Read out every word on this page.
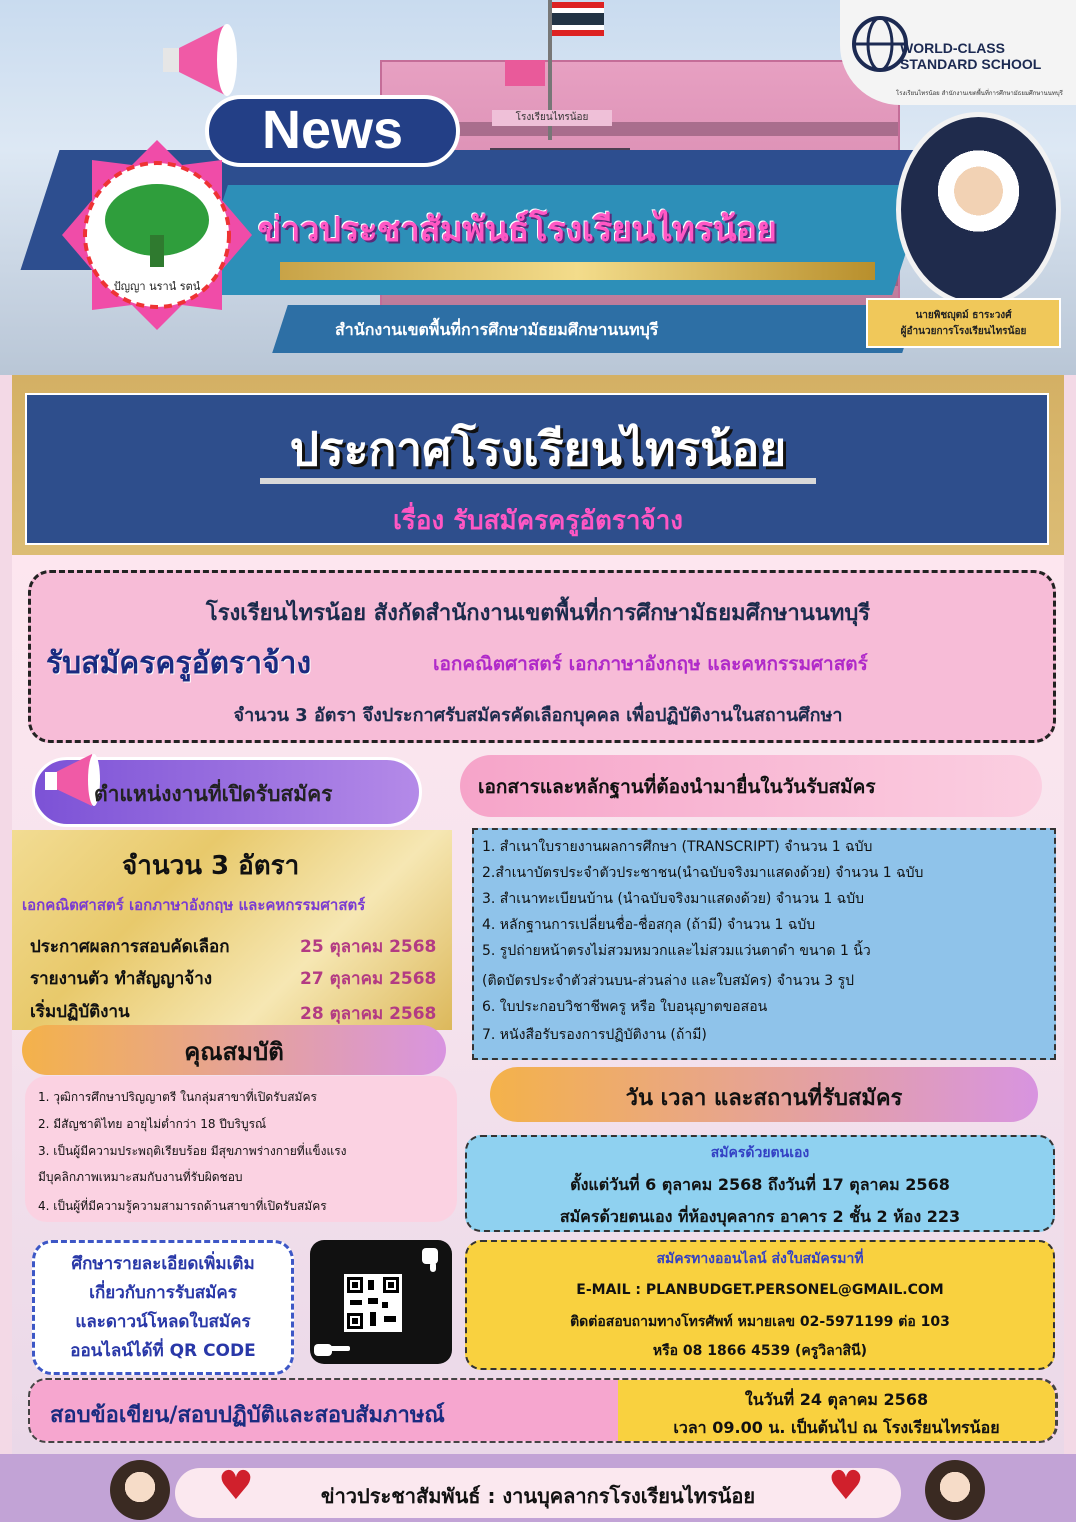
โรงเรียนไทรน้อย
News
ข่าวประชาสัมพันธ์โรงเรียนไทรน้อย
สำนักงานเขตพื้นที่การศึกษามัธยมศึกษานนทบุรี
ปัญญา นรานํ รตนํ
นายพิชญุตม์ ธาระวงศ์
ผู้อำนวยการโรงเรียนไทรน้อย
WORLD-CLASS
STANDARD SCHOOL
โรงเรียนไทรน้อย สำนักงานเขตพื้นที่การศึกษามัธยมศึกษานนทบุรี
ประกาศโรงเรียนไทรน้อย
เรื่อง รับสมัครครูอัตราจ้าง
โรงเรียนไทรน้อย สังกัดสำนักงานเขตพื้นที่การศึกษามัธยมศึกษานนทบุรี
รับสมัครครูอัตราจ้าง	เอกคณิตศาสตร์ เอกภาษาอังกฤษ และคหกรรมศาสตร์
จำนวน 3 อัตรา จึงประกาศรับสมัครคัดเลือกบุคคล เพื่อปฏิบัติงานในสถานศึกษา
ตำแหน่งงานที่เปิดรับสมัคร
จำนวน 3 อัตรา
เอกคณิตศาสตร์ เอกภาษาอังกฤษ และคหกรรมศาสตร์
ประกาศผลการสอบคัดเลือก	25 ตุลาคม 2568
รายงานตัว ทำสัญญาจ้าง	27 ตุลาคม 2568
เริ่มปฏิบัติงาน	28 ตุลาคม 2568
คุณสมบัติ
1. วุฒิการศึกษาปริญญาตรี ในกลุ่มสาขาที่เปิดรับสมัคร
2. มีสัญชาติไทย อายุไม่ต่ำกว่า 18 ปีบริบูรณ์
3. เป็นผู้มีความประพฤติเรียบร้อย มีสุขภาพร่างกายที่แข็งแรง
มีบุคลิกภาพเหมาะสมกับงานที่รับผิดชอบ
4. เป็นผู้ที่มีความรู้ความสามารถด้านสาขาที่เปิดรับสมัคร
เอกสารและหลักฐานที่ต้องนำมายื่นในวันรับสมัคร
1. สำเนาใบรายงานผลการศึกษา (TRANSCRIPT) จำนวน 1 ฉบับ
2.สำเนาบัตรประจำตัวประชาชน(นำฉบับจริงมาแสดงด้วย) จำนวน 1 ฉบับ
3. สำเนาทะเบียนบ้าน (นำฉบับจริงมาแสดงด้วย) จำนวน 1 ฉบับ
4. หลักฐานการเปลี่ยนชื่อ-ชื่อสกุล (ถ้ามี) จำนวน 1 ฉบับ
5. รูปถ่ายหน้าตรงไม่สวมหมวกและไม่สวมแว่นตาดำ ขนาด 1 นิ้ว
(ติดบัตรประจำตัวส่วนบน-ส่วนล่าง และใบสมัคร) จำนวน 3 รูป
6. ใบประกอบวิชาชีพครู หรือ ใบอนุญาตขอสอน
7. หนังสือรับรองการปฏิบัติงาน (ถ้ามี)
วัน เวลา และสถานที่รับสมัคร
สมัครด้วยตนเอง
ตั้งแต่วันที่ 6 ตุลาคม 2568 ถึงวันที่ 17 ตุลาคม 2568
สมัครด้วยตนเอง ที่ห้องบุคลากร อาคาร 2 ชั้น 2 ห้อง 223
สมัครทางออนไลน์ ส่งใบสมัครมาที่
E-MAIL : PLANBUDGET.PERSONEL@GMAIL.COM
ติดต่อสอบถามทางโทรศัพท์ หมายเลข 02-5971199 ต่อ 103
หรือ 08 1866 4539 (ครูวิลาสินี)
ศึกษารายละเอียดเพิ่มเติม
เกี่ยวกับการรับสมัคร
และดาวน์โหลดใบสมัคร
ออนไลน์ได้ที่ QR CODE
สอบข้อเขียน/สอบปฏิบัติและสอบสัมภาษณ์
ในวันที่ 24 ตุลาคม 2568
เวลา 09.00 น. เป็นต้นไป ณ โรงเรียนไทรน้อย
♥	♥
ข่าวประชาสัมพันธ์ : งานบุคลากรโรงเรียนไทรน้อย
